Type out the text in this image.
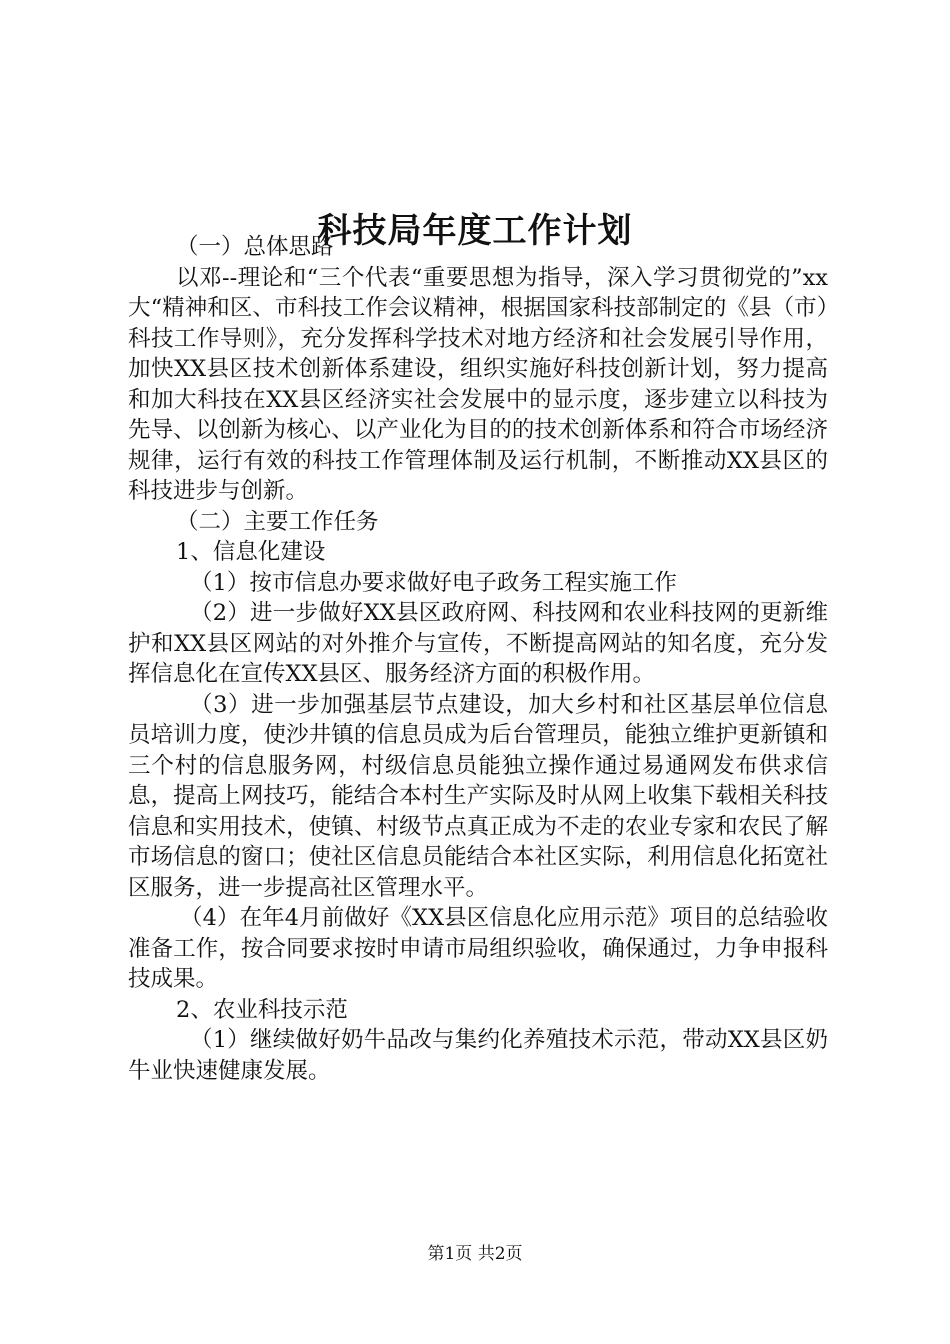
科技局年度工作计划

（一）总体思路

以邓--理论和“三个代表“重要思想为指导，深入学习贯彻党的”xx大“精神和区、市科技工作会议精神，根据国家科技部制定的《县（市）科技工作导则》，充分发挥科学技术对地方经济和社会发展引导作用，加快XX县区技术创新体系建设，组织实施好科技创新计划，努力提高和加大科技在XX县区经济实社会发展中的显示度，逐步建立以科技为先导、以创新为核心、以产业化为目的的技术创新体系和符合市场经济规律，运行有效的科技工作管理体制及运行机制，不断推动XX县区的科技进步与创新。

（二）主要工作任务

1、信息化建设

（1）按市信息办要求做好电子政务工程实施工作

（2）进一步做好XX县区政府网、科技网和农业科技网的更新维护和XX县区网站的对外推介与宣传，不断提高网站的知名度，充分发挥信息化在宣传XX县区、服务经济方面的积极作用。

（3）进一步加强基层节点建设，加大乡村和社区基层单位信息员培训力度，使沙井镇的信息员成为后台管理员，能独立维护更新镇和三个村的信息服务网，村级信息员能独立操作通过易通网发布供求信息，提高上网技巧，能结合本村生产实际及时从网上收集下载相关科技信息和实用技术，使镇、村级节点真正成为不走的农业专家和农民了解市场信息的窗口；使社区信息员能结合本社区实际，利用信息化拓宽社区服务，进一步提高社区管理水平。

（4）在年4月前做好《XX县区信息化应用示范》项目的总结验收准备工作，按合同要求按时申请市局组织验收，确保通过，力争申报科技成果。

2、农业科技示范

（1）继续做好奶牛品改与集约化养殖技术示范，带动XX县区奶牛业快速健康发展。

第1页 共2页
